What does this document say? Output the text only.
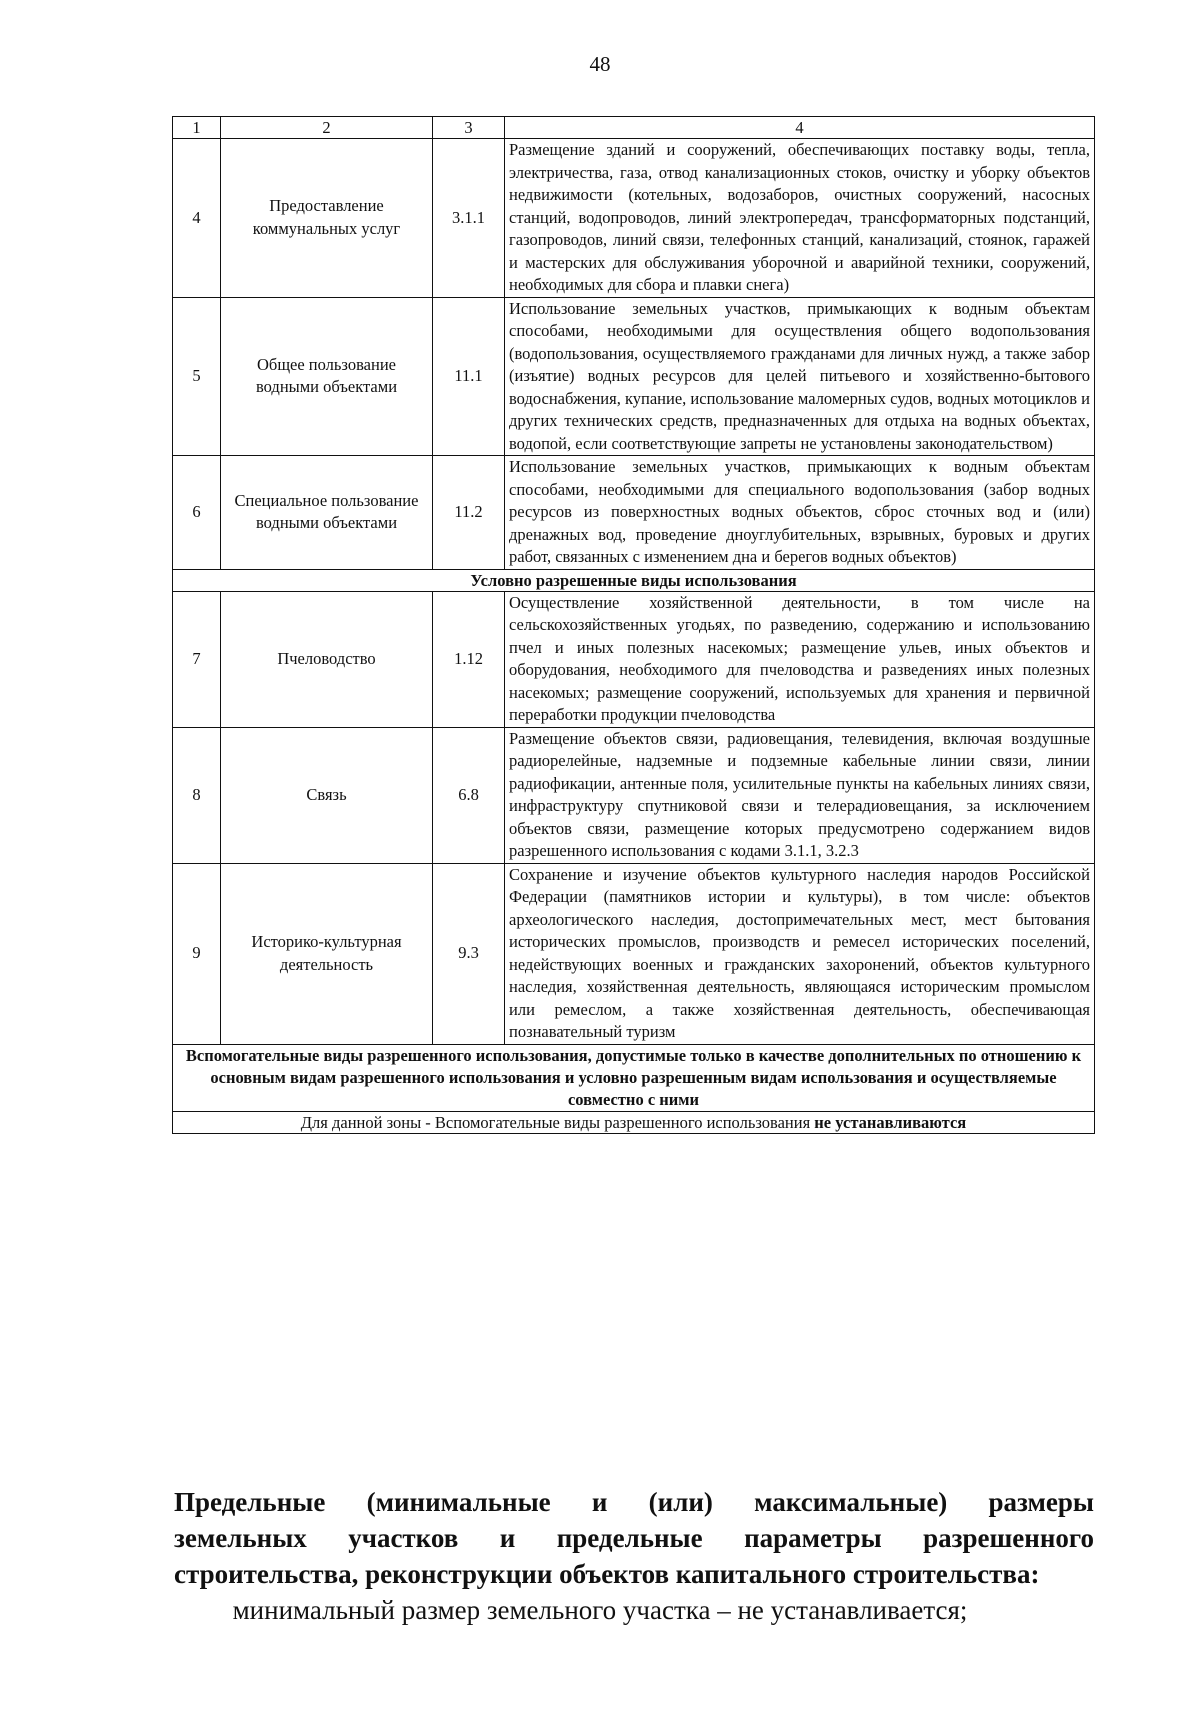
48
1	2	3	4
4	Предоставление коммунальных услуг	3.1.1	Размещение зданий и сооружений, обеспечивающих поставку воды, тепла, электричества, газа, отвод канализационных стоков, очистку и уборку объектов недвижимости (котельных, водозаборов, очистных сооружений, насосных станций, водопроводов, линий электропередач, трансформаторных подстанций, газопроводов, линий связи, телефонных станций, канализаций, стоянок, гаражей и мастерских для обслуживания уборочной и аварийной техники, сооружений, необходимых для сбора и плавки снега)
5	Общее пользование водными объектами	11.1	Использование земельных участков, примыкающих к водным объектам способами, необходимыми для осуществления общего водопользования (водопользования, осуществляемого гражданами для личных нужд, а также забор (изъятие) водных ресурсов для целей питьевого и хозяйственно-бытового водоснабжения, купание, использование маломерных судов, водных мотоциклов и других технических средств, предназначенных для отдыха на водных объектах, водопой, если соответствующие запреты не установлены законодательством)
6	Специальное пользование водными объектами	11.2	Использование земельных участков, примыкающих к водным объектам способами, необходимыми для специального водопользования (забор водных ресурсов из поверхностных водных объектов, сброс сточных вод и (или) дренажных вод, проведение дноуглубительных, взрывных, буровых и других работ, связанных с изменением дна и берегов водных объектов)
Условно разрешенные виды использования			
7	Пчеловодство	1.12	Осуществление хозяйственной деятельности, в том числе на сельскохозяйственных угодьях, по разведению, содержанию и использованию пчел и иных полезных насекомых; размещение ульев, иных объектов и оборудования, необходимого для пчеловодства и разведениях иных полезных насекомых; размещение сооружений, используемых для хранения и первичной переработки продукции пчеловодства
8	Связь	6.8	Размещение объектов связи, радиовещания, телевидения, включая воздушные радиорелейные, надземные и подземные кабельные линии связи, линии радиофикации, антенные поля, усилительные пункты на кабельных линиях связи, инфраструктуру спутниковой связи и телерадиовещания, за исключением объектов связи, размещение которых предусмотрено содержанием видов разрешенного использования с кодами 3.1.1, 3.2.3
9	Историко-культурная деятельность	9.3	Сохранение и изучение объектов культурного наследия народов Российской Федерации (памятников истории и культуры), в том числе: объектов археологического наследия, достопримечательных мест, мест бытования исторических промыслов, производств и ремесел исторических поселений, недействующих военных и гражданских захоронений, объектов культурного наследия, хозяйственная деятельность, являющаяся историческим промыслом или ремеслом, а также хозяйственная деятельность, обеспечивающая познавательный туризм
Вспомогательные виды разрешенного использования, допустимые только в качестве дополнительных по отношению к основным видам разрешенного использования и условно разрешенным видам использования и осуществляемые совместно с ними			
Для данной зоны - Вспомогательные виды разрешенного использования не устанавливаются			
Предельные (минимальные и (или) максимальные) размеры
земельных участков и предельные параметры разрешенного
строительства, реконструкции объектов капитального строительства:
минимальный размер земельного участка – не устанавливается;
